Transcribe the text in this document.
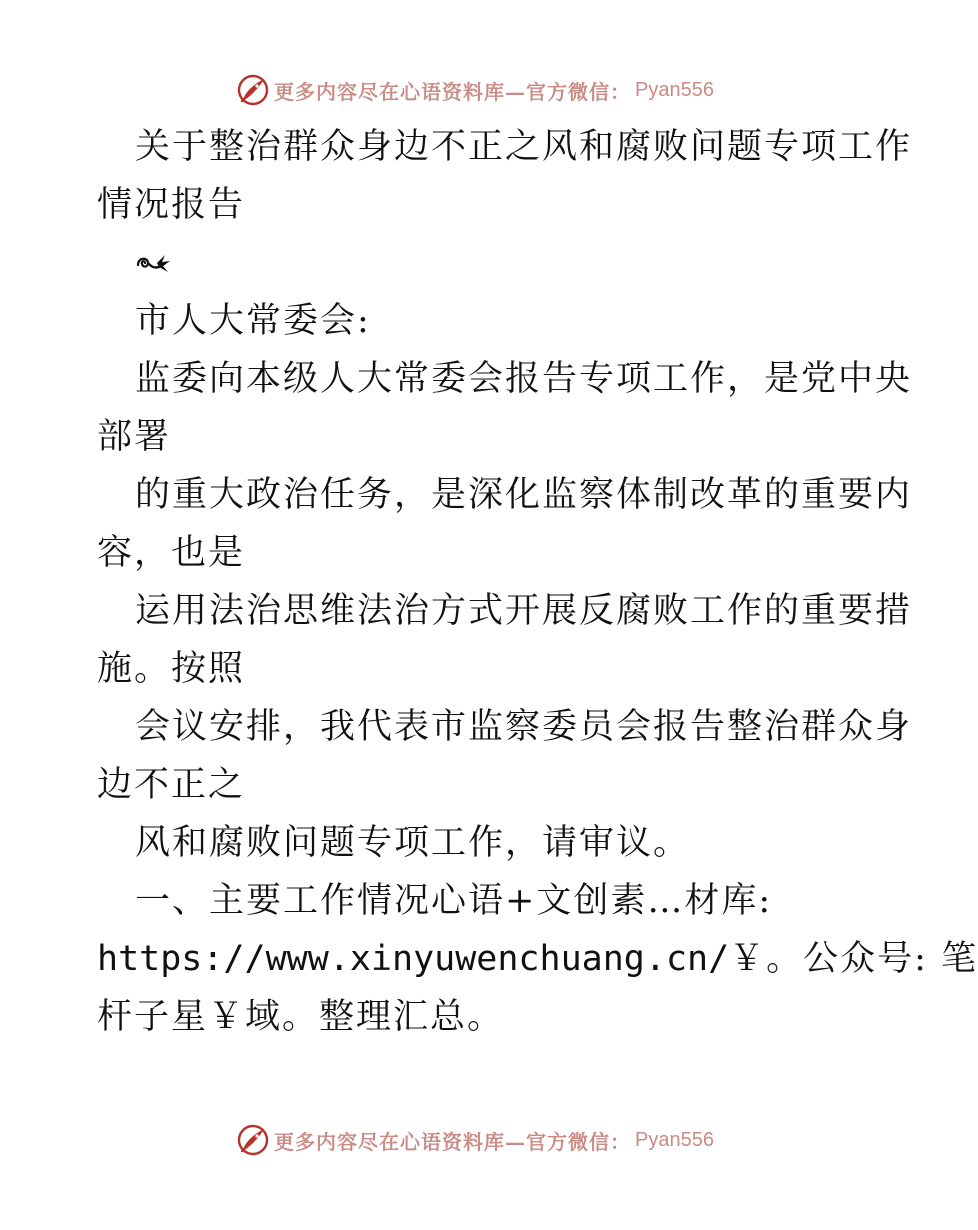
更多内容尽在心语资料库—官方微信： Pyan556
关于整治群众身边不正之风和腐败问题专项工作
情况报告
市人大常委会:
监委向本级人大常委会报告专项工作，是党中央
部署
的重大政治任务，是深化监察体制改革的重要内
容，也是
运用法治思维法治方式开展反腐败工作的重要措
施。按照
会议安排，我代表市监察委员会报告整治群众身
边不正之
风和腐败问题专项工作，请审议。
一、主要工作情况心语+文创素…材库:
https://www.xinyuwenchuang.cn/￥。公众号: 笔
杆子星￥域。整理汇总。
更多内容尽在心语资料库—官方微信： Pyan556
